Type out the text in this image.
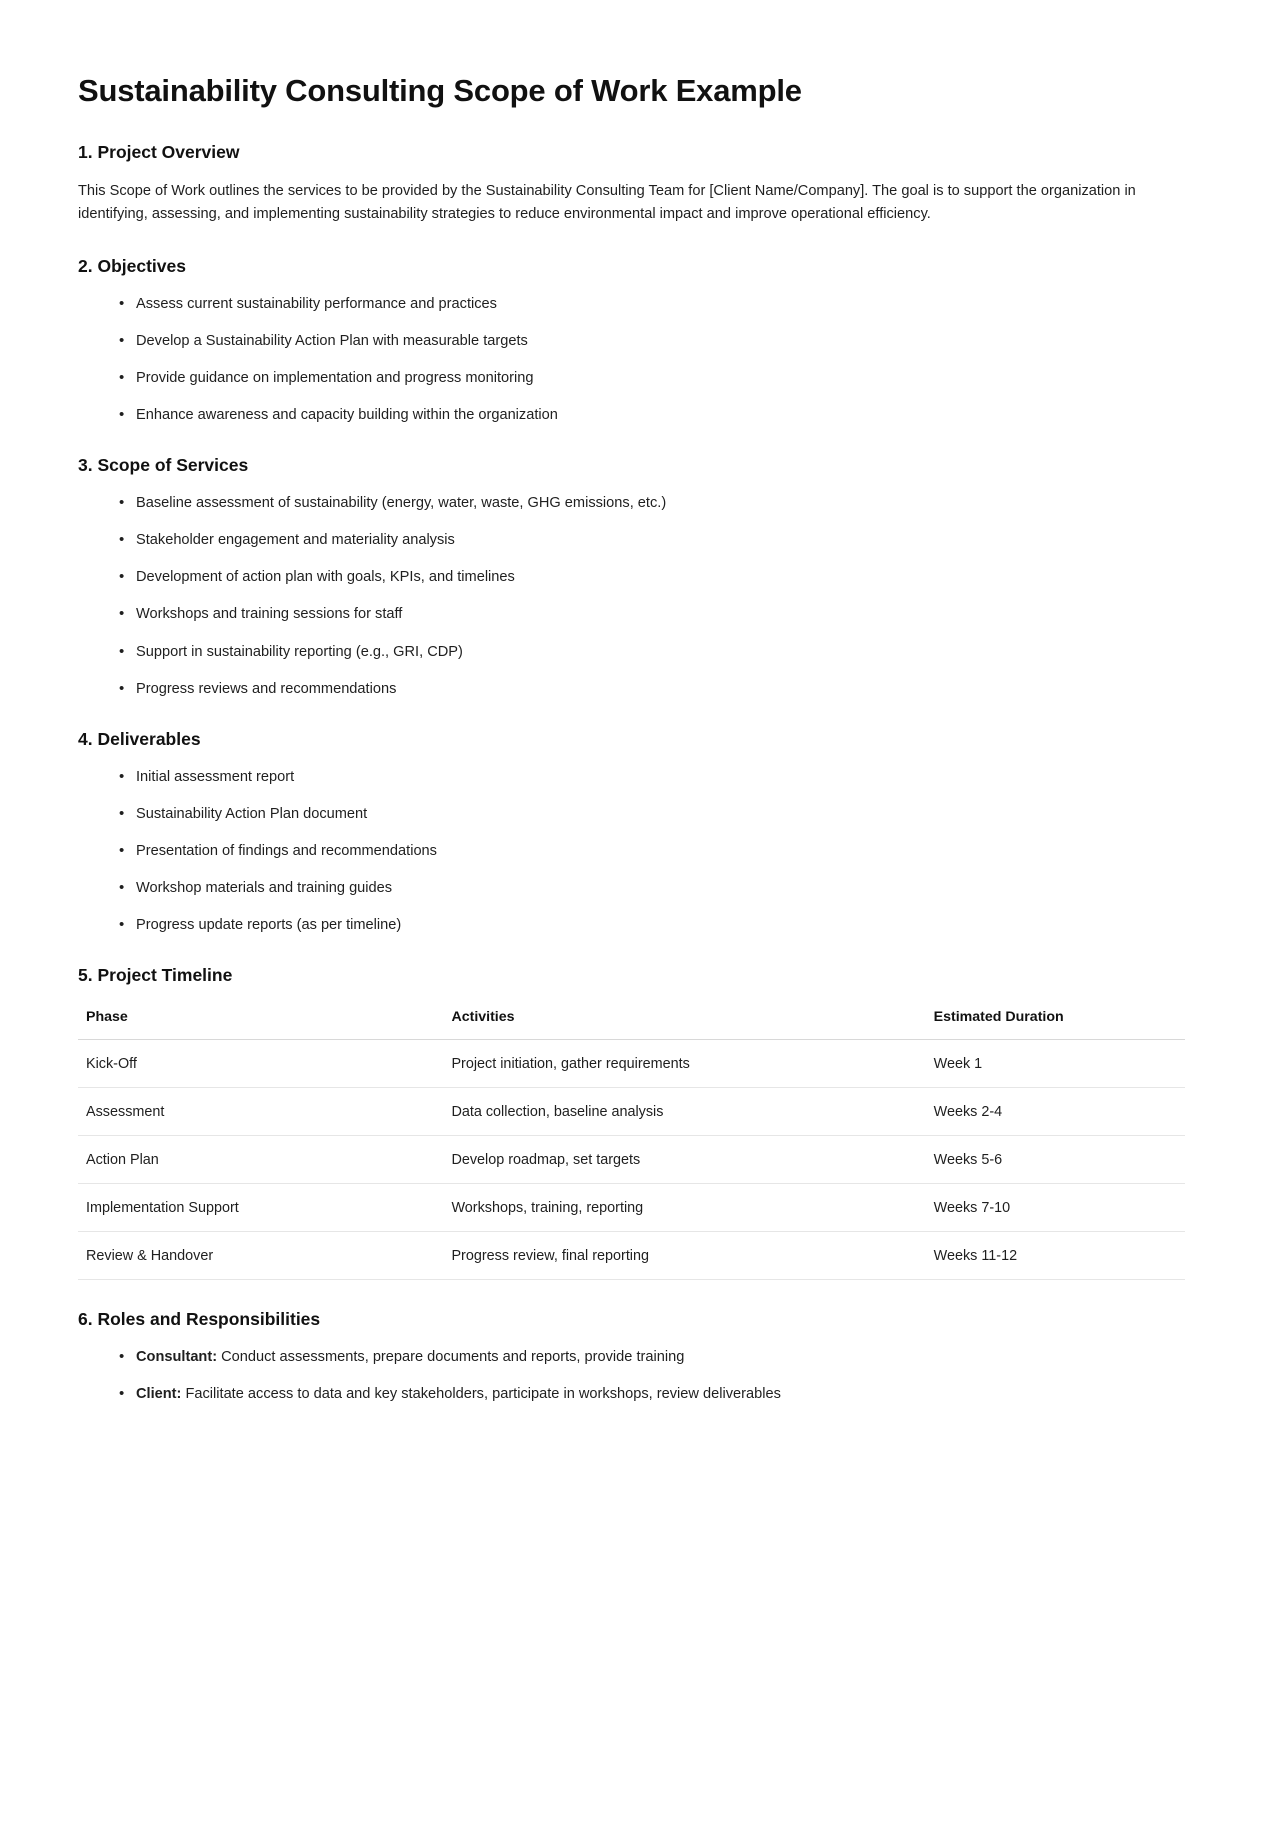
Sustainability Consulting Scope of Work Example
1. Project Overview

This Scope of Work outlines the services to be provided by the Sustainability Consulting Team for [Client Name/Company]. The goal is to support the organization in identifying, assessing, and implementing sustainability strategies to reduce environmental impact and improve operational efficiency.

2. Objectives
• Assess current sustainability performance and practices
• Develop a Sustainability Action Plan with measurable targets
• Provide guidance on implementation and progress monitoring
• Enhance awareness and capacity building within the organization
3. Scope of Services
• Baseline assessment of sustainability (energy, water, waste, GHG emissions, etc.)
• Stakeholder engagement and materiality analysis
• Development of action plan with goals, KPIs, and timelines
• Workshops and training sessions for staff
• Support in sustainability reporting (e.g., GRI, CDP)
• Progress reviews and recommendations
4. Deliverables
• Initial assessment report
• Sustainability Action Plan document
• Presentation of findings and recommendations
• Workshop materials and training guides
• Progress update reports (as per timeline)
5. Project Timeline
Phase	Activities	Estimated Duration
Kick-Off	Project initiation, gather requirements	Week 1
Assessment	Data collection, baseline analysis	Weeks 2-4
Action Plan	Develop roadmap, set targets	Weeks 5-6
Implementation Support	Workshops, training, reporting	Weeks 7-10
Review & Handover	Progress review, final reporting	Weeks 11-12
6. Roles and Responsibilities
• Consultant: Conduct assessments, prepare documents and reports, provide training
• Client: Facilitate access to data and key stakeholders, participate in workshops, review deliverables
